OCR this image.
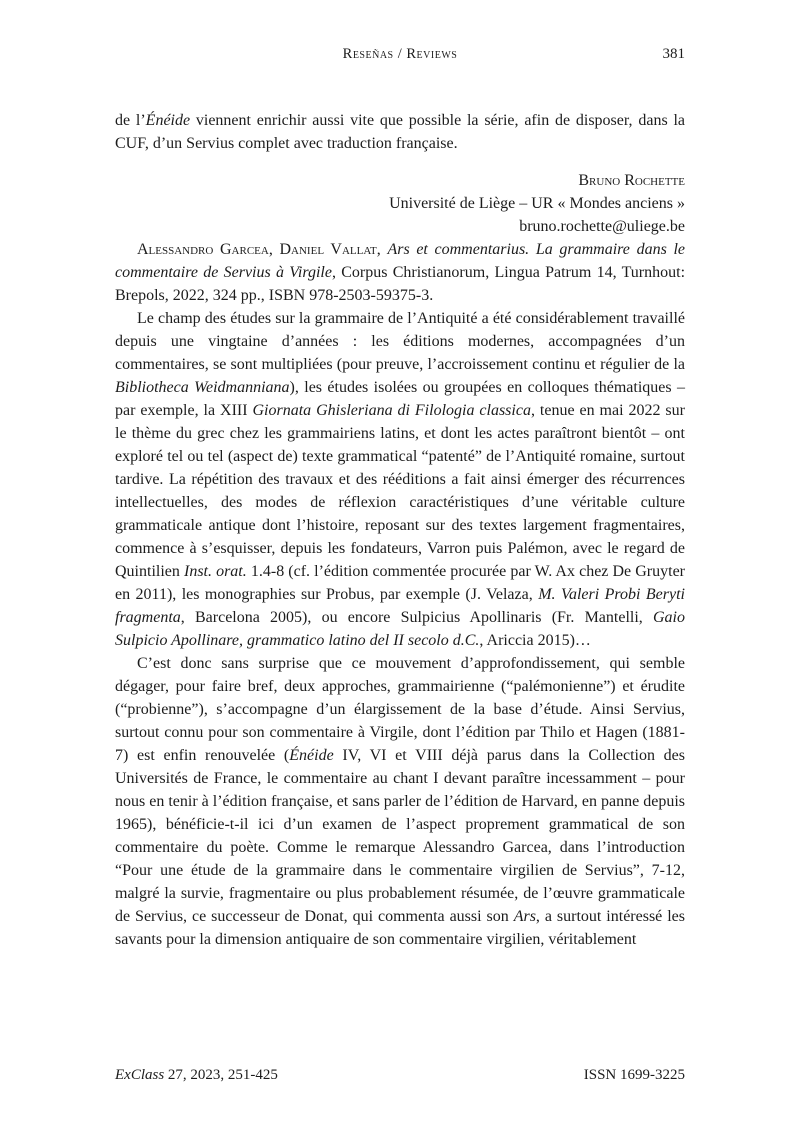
Reseñas / Reviews	381

de l’Énéide viennent enrichir aussi vite que possible la série, afin de disposer, dans la CUF, d’un Servius complet avec traduction française.

Bruno Rochette
Université de Liège – UR « Mondes anciens »
bruno.rochette@uliege.be

Alessandro Garcea, Daniel Vallat, Ars et commentarius. La grammaire dans le commentaire de Servius à Virgile, Corpus Christianorum, Lingua Patrum 14, Turnhout: Brepols, 2022, 324 pp., ISBN 978-2503-59375-3.

Le champ des études sur la grammaire de l’Antiquité a été considérablement travaillé depuis une vingtaine d’années : les éditions modernes, accompagnées d’un commentaires, se sont multipliées (pour preuve, l’accroissement continu et régulier de la Bibliotheca Weidmanniana), les études isolées ou groupées en colloques thématiques – par exemple, la XIII Giornata Ghisleriana di Filologia classica, tenue en mai 2022 sur le thème du grec chez les grammairiens latins, et dont les actes paraîtront bientôt – ont exploré tel ou tel (aspect de) texte grammatical “patenté” de l’Antiquité romaine, surtout tardive. La répétition des travaux et des rééditions a fait ainsi émerger des récurrences intellectuelles, des modes de réflexion caractéristiques d’une véritable culture grammaticale antique dont l’histoire, reposant sur des textes largement fragmentaires, commence à s’esquisser, depuis les fondateurs, Varron puis Palémon, avec le regard de Quintilien Inst. orat. 1.4-8 (cf. l’édition commentée procurée par W. Ax chez De Gruyter en 2011), les monographies sur Probus, par exemple (J. Velaza, M. Valeri Probi Beryti fragmenta, Barcelona 2005), ou encore Sulpicius Apollinaris (Fr. Mantelli, Gaio Sulpicio Apollinare, grammatico latino del II secolo d.C., Ariccia 2015)…

C’est donc sans surprise que ce mouvement d’approfondissement, qui semble dégager, pour faire bref, deux approches, grammairienne (“palémonienne”) et érudite (“probienne”), s’accompagne d’un élargissement de la base d’étude. Ainsi Servius, surtout connu pour son commentaire à Virgile, dont l’édition par Thilo et Hagen (1881-7) est enfin renouvelée (Énéide IV, VI et VIII déjà parus dans la Collection des Universités de France, le commentaire au chant I devant paraître incessamment – pour nous en tenir à l’édition française, et sans parler de l’édition de Harvard, en panne depuis 1965), bénéficie-t-il ici d’un examen de l’aspect proprement grammatical de son commentaire du poète. Comme le remarque Alessandro Garcea, dans l’introduction “Pour une étude de la grammaire dans le commentaire virgilien de Servius”, 7-12, malgré la survie, fragmentaire ou plus probablement résumée, de l’œuvre grammaticale de Servius, ce successeur de Donat, qui commenta aussi son Ars, a surtout intéressé les savants pour la dimension antiquaire de son commentaire virgilien, véritablement

ExClass 27, 2023, 251-425	ISSN 1699-3225
